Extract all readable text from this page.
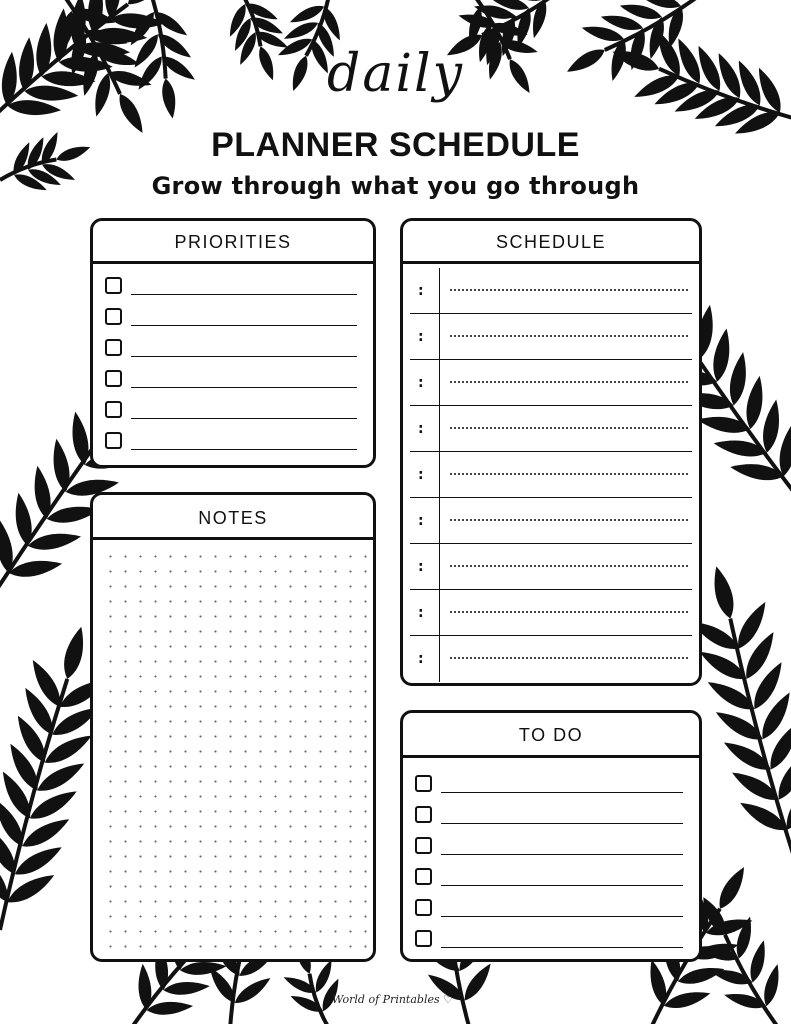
daily
PLANNER SCHEDULE
Grow through what you go through
PRIORITIES
NOTES
SCHEDULE
:
:
:
:
:
:
:
:
:
TO DO
World of Printables ♡
